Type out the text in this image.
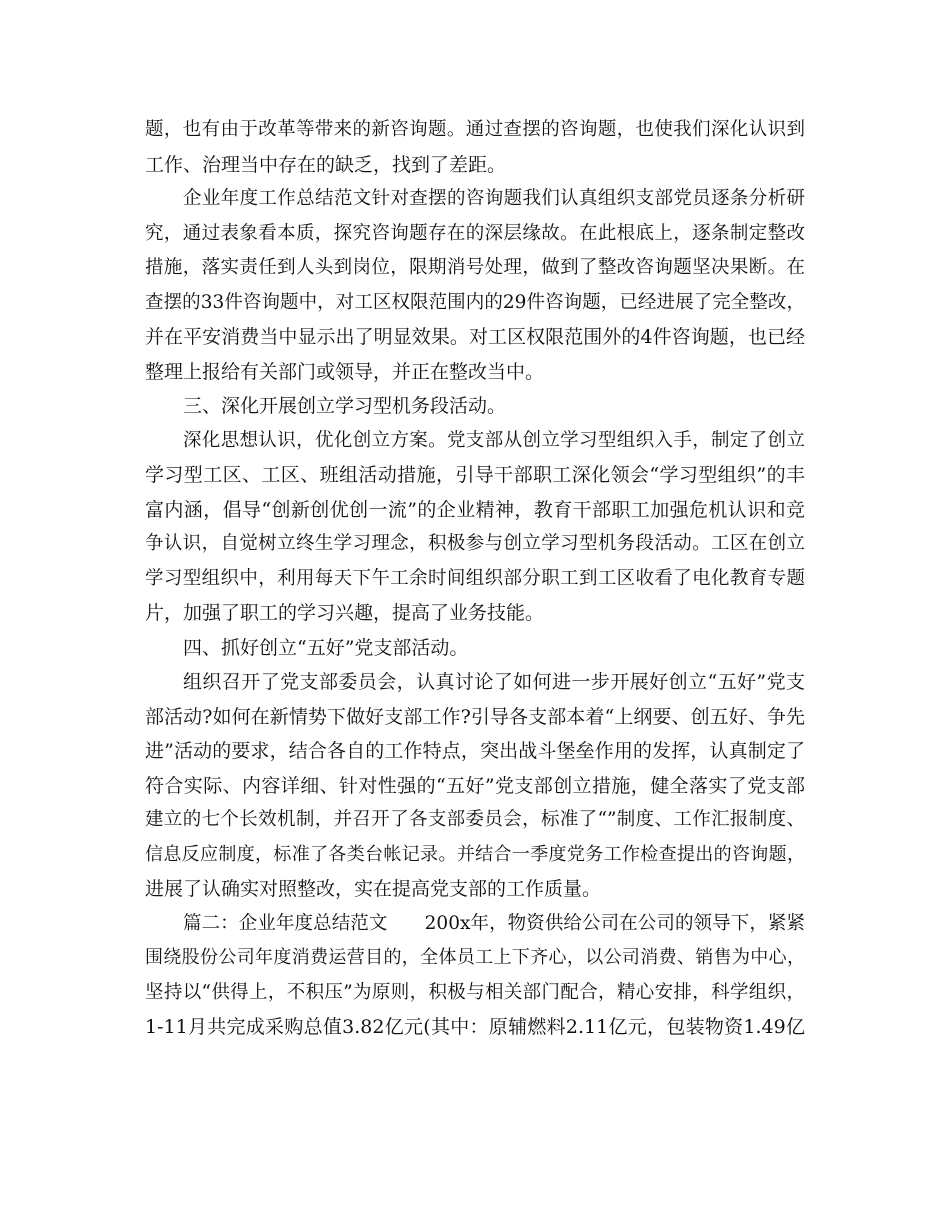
题，也有由于改革等带来的新咨询题。通过查摆的咨询题，也使我们深化认识到
工作、治理当中存在的缺乏，找到了差距。
企业年度工作总结范文针对查摆的咨询题我们认真组织支部党员逐条分析研
究，通过表象看本质，探究咨询题存在的深层缘故。在此根底上，逐条制定整改
措施，落实责任到人头到岗位，限期消号处理，做到了整改咨询题坚决果断。在
查摆的33件咨询题中，对工区权限范围内的29件咨询题，已经进展了完全整改，
并在平安消费当中显示出了明显效果。对工区权限范围外的4件咨询题，也已经
整理上报给有关部门或领导，并正在整改当中。
三、深化开展创立学习型机务段活动。
深化思想认识，优化创立方案。党支部从创立学习型组织入手，制定了创立
学习型工区、工区、班组活动措施，引导干部职工深化领会“学习型组织”的丰
富内涵，倡导“创新创优创一流”的企业精神，教育干部职工加强危机认识和竞
争认识，自觉树立终生学习理念，积极参与创立学习型机务段活动。工区在创立
学习型组织中，利用每天下午工余时间组织部分职工到工区收看了电化教育专题
片，加强了职工的学习兴趣，提高了业务技能。
四、抓好创立“五好”党支部活动。
组织召开了党支部委员会，认真讨论了如何进一步开展好创立“五好”党支
部活动?如何在新情势下做好支部工作?引导各支部本着“上纲要、创五好、争先
进”活动的要求，结合各自的工作特点，突出战斗堡垒作用的发挥，认真制定了
符合实际、内容详细、针对性强的“五好”党支部创立措施，健全落实了党支部
建立的七个长效机制，并召开了各支部委员会，标准了“”制度、工作汇报制度、
信息反应制度，标准了各类台帐记录。并结合一季度党务工作检查提出的咨询题，
进展了认确实对照整改，实在提高党支部的工作质量。
篇二：企业年度总结范文　　200x年，物资供给公司在公司的领导下，紧紧
围绕股份公司年度消费运营目的，全体员工上下齐心，以公司消费、销售为中心，
坚持以“供得上，不积压”为原则，积极与相关部门配合，精心安排，科学组织，
1-11月共完成采购总值3.82亿元(其中：原辅燃料2.11亿元，包装物资1.49亿
